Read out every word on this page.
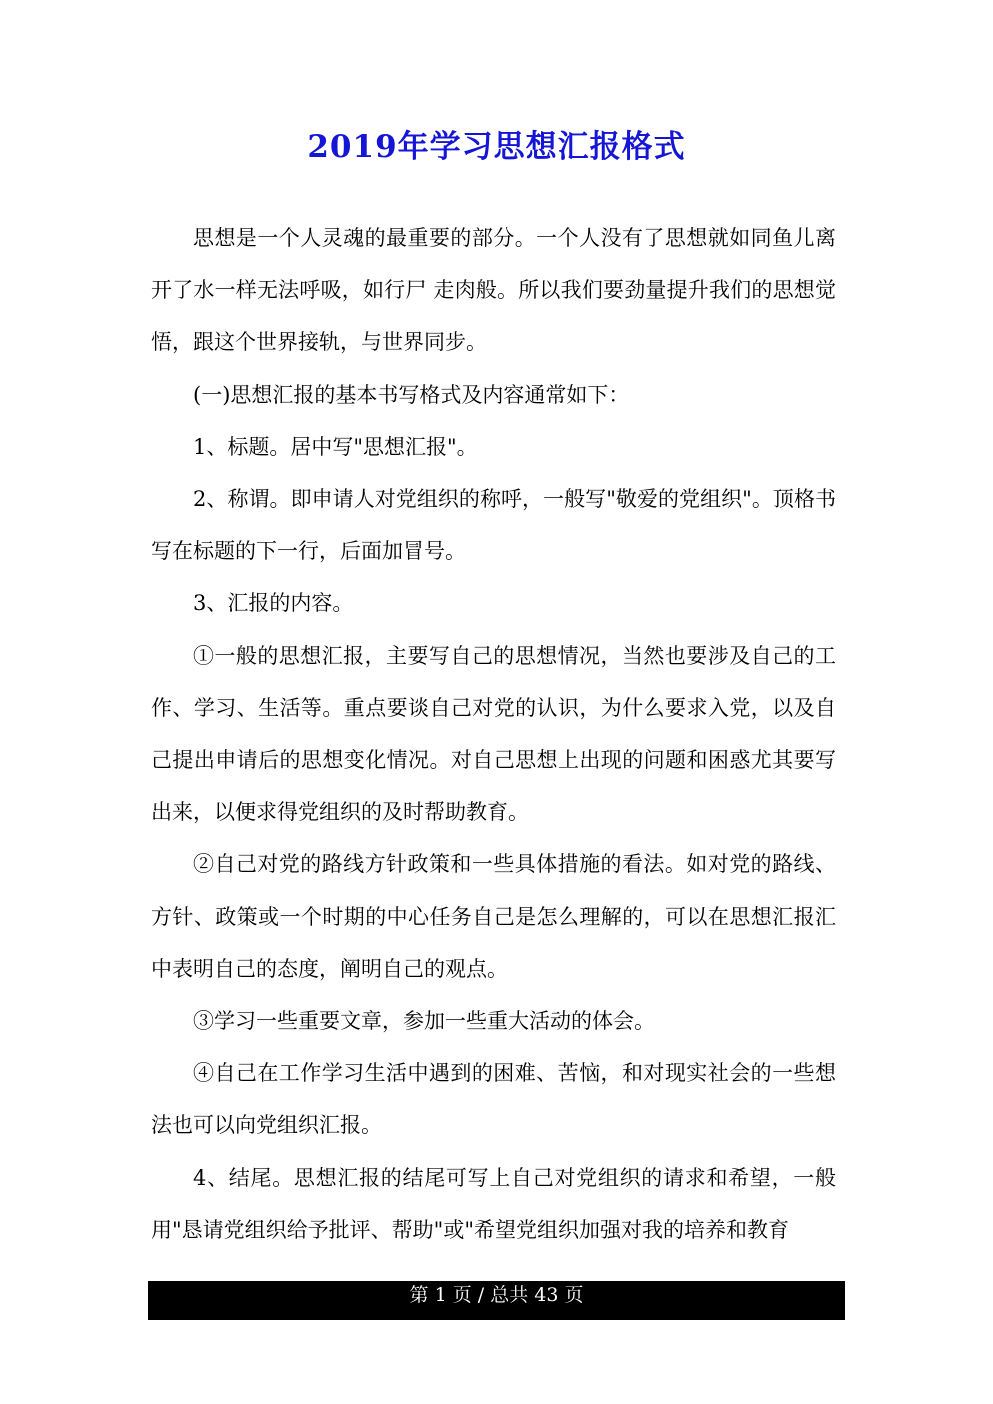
2019年学习思想汇报格式

思想是一个人灵魂的最重要的部分。一个人没有了思想就如同鱼儿离开了水一样无法呼吸，如行尸 走肉般。所以我们要劲量提升我们的思想觉悟，跟这个世界接轨，与世界同步。

(一)思想汇报的基本书写格式及内容通常如下：

1、标题。居中写"思想汇报"。

2、称谓。即申请人对党组织的称呼，一般写"敬爱的党组织"。顶格书写在标题的下一行，后面加冒号。

3、汇报的内容。

①一般的思想汇报，主要写自己的思想情况，当然也要涉及自己的工作、学习、生活等。重点要谈自己对党的认识，为什么要求入党，以及自己提出申请后的思想变化情况。对自己思想上出现的问题和困惑尤其要写出来，以便求得党组织的及时帮助教育。

②自己对党的路线方针政策和一些具体措施的看法。如对党的路线、方针、政策或一个时期的中心任务自己是怎么理解的，可以在思想汇报汇中表明自己的态度，阐明自己的观点。

③学习一些重要文章，参加一些重大活动的体会。

④自己在工作学习生活中遇到的困难、苦恼，和对现实社会的一些想法也可以向党组织汇报。

4、结尾。思想汇报的结尾可写上自己对党组织的请求和希望，一般用"恳请党组织给予批评、帮助"或"希望党组织加强对我的培养和教育

第 1 页 / 总共 43 页
